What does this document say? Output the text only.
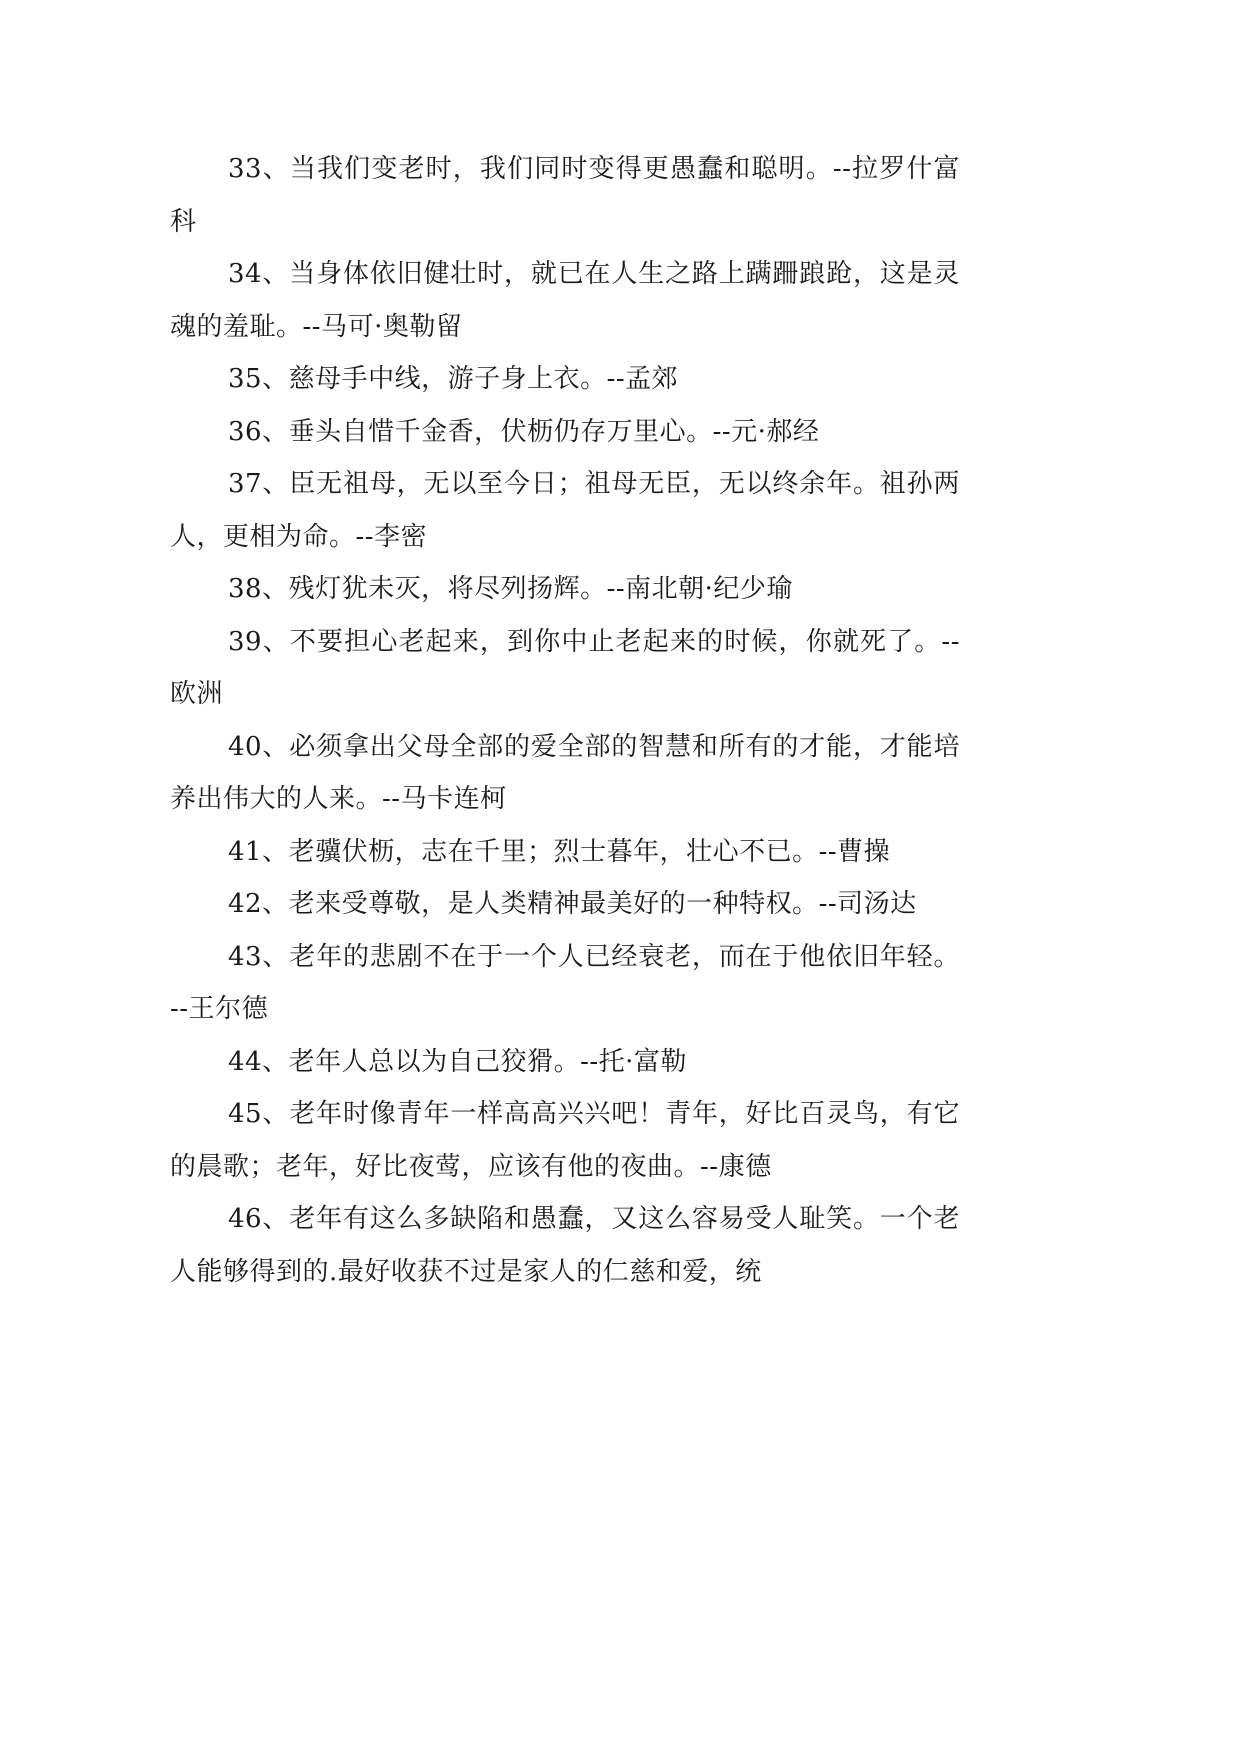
33、当我们变老时，我们同时变得更愚蠢和聪明。--拉罗什富科

34、当身体依旧健壮时，就已在人生之路上蹒跚踉跄，这是灵魂的羞耻。--马可·奥勒留

35、慈母手中线，游子身上衣。--孟郊

36、垂头自惜千金香，伏枥仍存万里心。--元·郝经

37、臣无祖母，无以至今日；祖母无臣，无以终余年。祖孙两人，更相为命。--李密

38、残灯犹未灭，将尽列扬辉。--南北朝·纪少瑜

39、不要担心老起来，到你中止老起来的时候，你就死了。--欧洲

40、必须拿出父母全部的爱全部的智慧和所有的才能，才能培养出伟大的人来。--马卡连柯

41、老骥伏枥，志在千里；烈士暮年，壮心不已。--曹操

42、老来受尊敬，是人类精神最美好的一种特权。--司汤达

43、老年的悲剧不在于一个人已经衰老，而在于他依旧年轻。--王尔德

44、老年人总以为自己狡猾。--托·富勒

45、老年时像青年一样高高兴兴吧！青年，好比百灵鸟，有它的晨歌；老年，好比夜莺，应该有他的夜曲。--康德

46、老年有这么多缺陷和愚蠢，又这么容易受人耻笑。一个老人能够得到的.最好收获不过是家人的仁慈和爱，统
